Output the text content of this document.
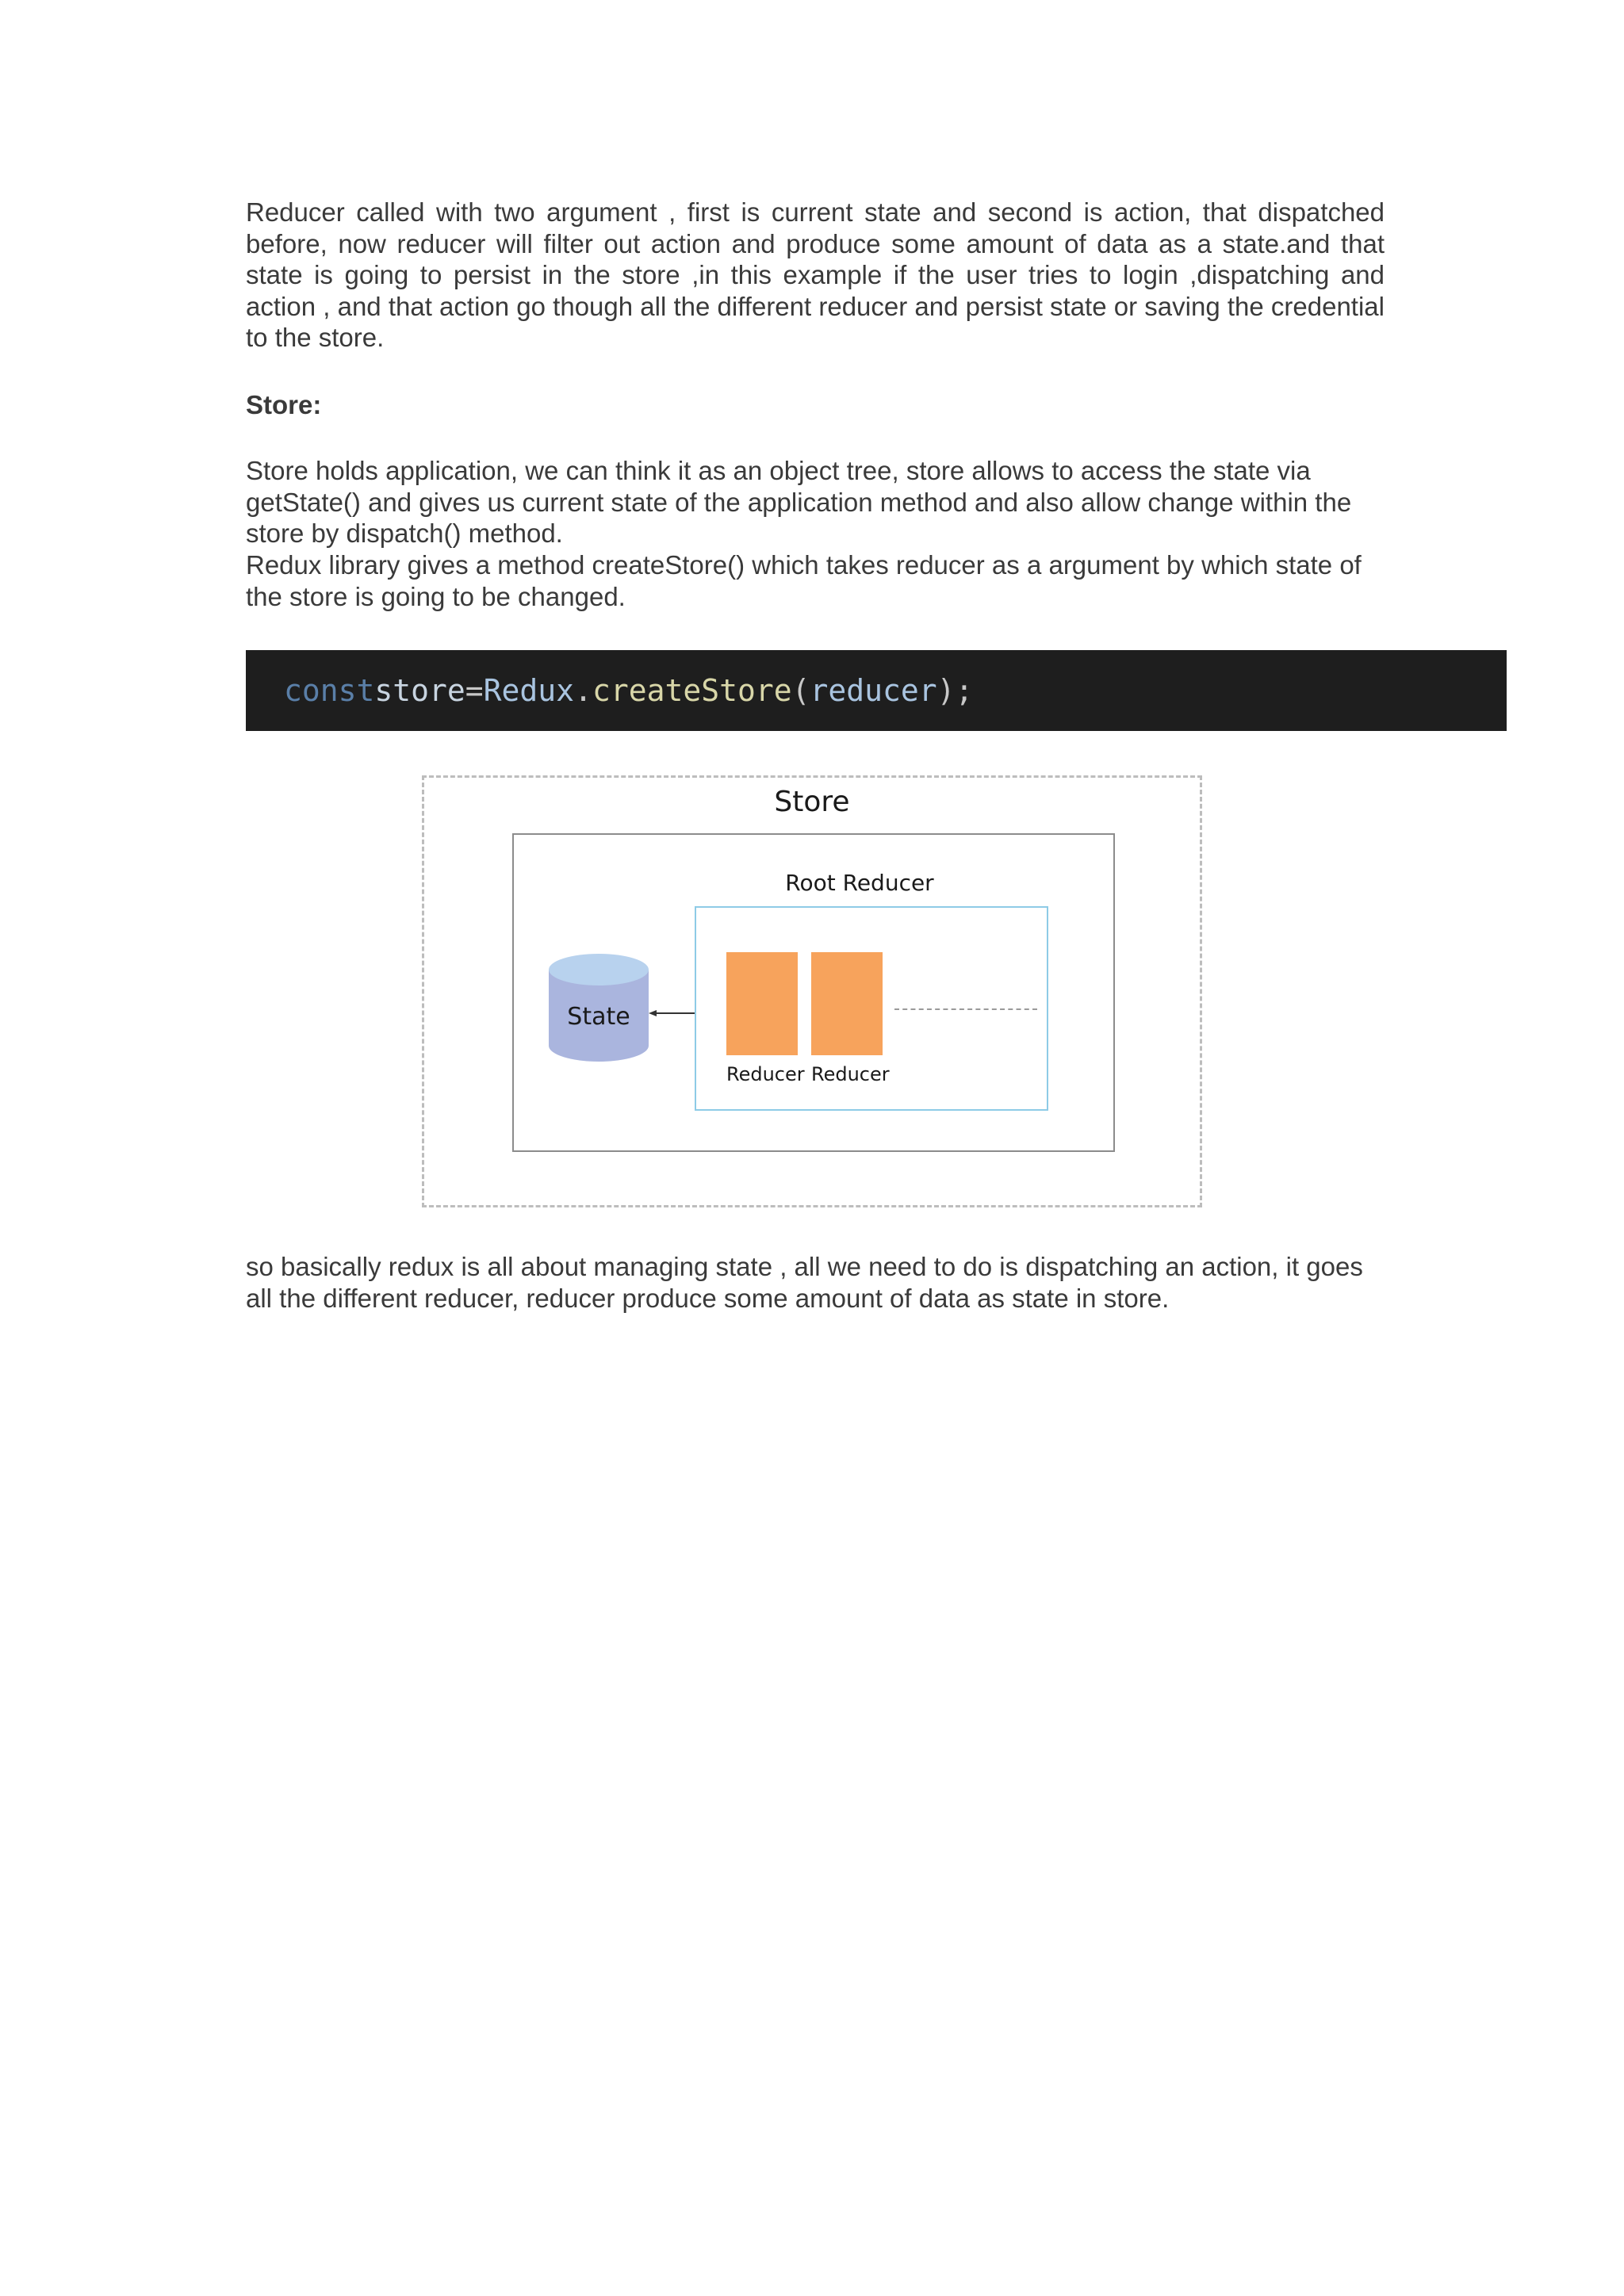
Reducer called with two argument , first is current state and second is action, that dispatched before, now reducer will filter out action and produce some amount of data as a state.and that state is going to persist in the store ,in this example if the user tries to login ,dispatching and action , and that action go though all the different reducer and persist state or saving the credential to the store.

Store:

Store holds application, we can think it as an object tree, store allows to access the state via getState() and gives us current state of the application method and also allow change within the store by dispatch() method.

Redux library gives a method createStore() which takes reducer as a argument by which state of the store is going to be changed.

const store = Redux . createStore ( reducer );
Store
Root Reducer
Reducer Reducer
State

so basically redux is all about managing state , all we need to do is dispatching an action, it goes all the different reducer, reducer produce some amount of data as state in store.
